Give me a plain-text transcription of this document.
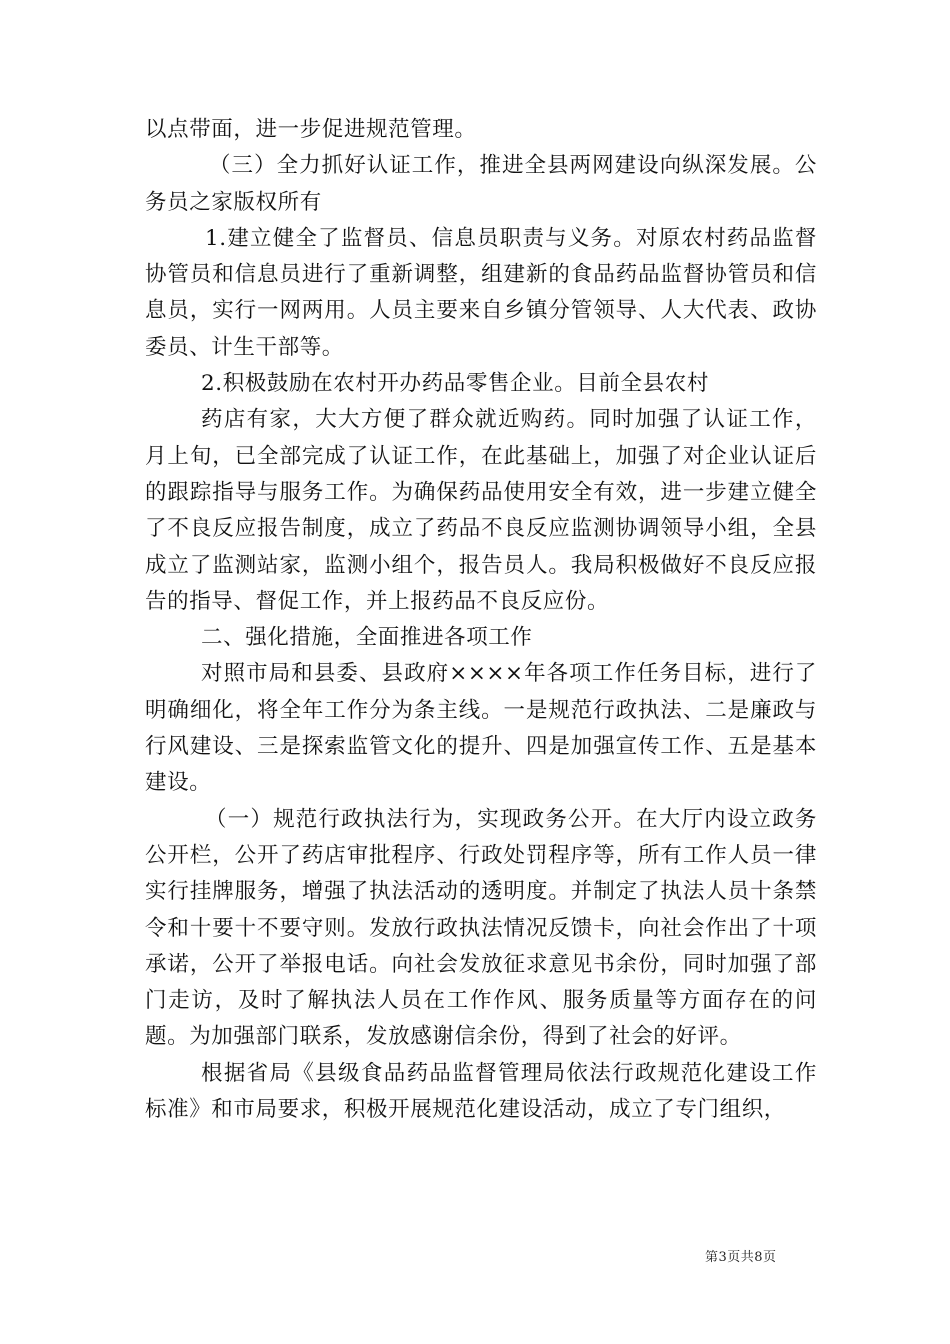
以点带面，进一步促进规范管理。

（三）全力抓好认证工作，推进全县两网建设向纵深发展。公务员之家版权所有

1.建立健全了监督员、信息员职责与义务。对原农村药品监督协管员和信息员进行了重新调整，组建新的食品药品监督协管员和信息员，实行一网两用。人员主要来自乡镇分管领导、人大代表、政协委员、计生干部等。

2.积极鼓励在农村开办药品零售企业。目前全县农村

药店有家，大大方便了群众就近购药。同时加强了认证工作，月上旬，已全部完成了认证工作，在此基础上，加强了对企业认证后的跟踪指导与服务工作。为确保药品使用安全有效，进一步建立健全了不良反应报告制度，成立了药品不良反应监测协调领导小组，全县成立了监测站家，监测小组个，报告员人。我局积极做好不良反应报告的指导、督促工作，并上报药品不良反应份。

二、强化措施，全面推进各项工作

对照市局和县委、县政府××××年各项工作任务目标，进行了明确细化，将全年工作分为条主线。一是规范行政执法、二是廉政与行风建设、三是探索监管文化的提升、四是加强宣传工作、五是基本建设。

（一）规范行政执法行为，实现政务公开。在大厅内设立政务公开栏，公开了药店审批程序、行政处罚程序等，所有工作人员一律实行挂牌服务，增强了执法活动的透明度。并制定了执法人员十条禁令和十要十不要守则。发放行政执法情况反馈卡，向社会作出了十项承诺，公开了举报电话。向社会发放征求意见书余份，同时加强了部门走访，及时了解执法人员在工作作风、服务质量等方面存在的问题。为加强部门联系，发放感谢信余份，得到了社会的好评。

根据省局《县级食品药品监督管理局依法行政规范化建设工作标准》和市局要求，积极开展规范化建设活动，成立了专门组织，

第3页共8页
